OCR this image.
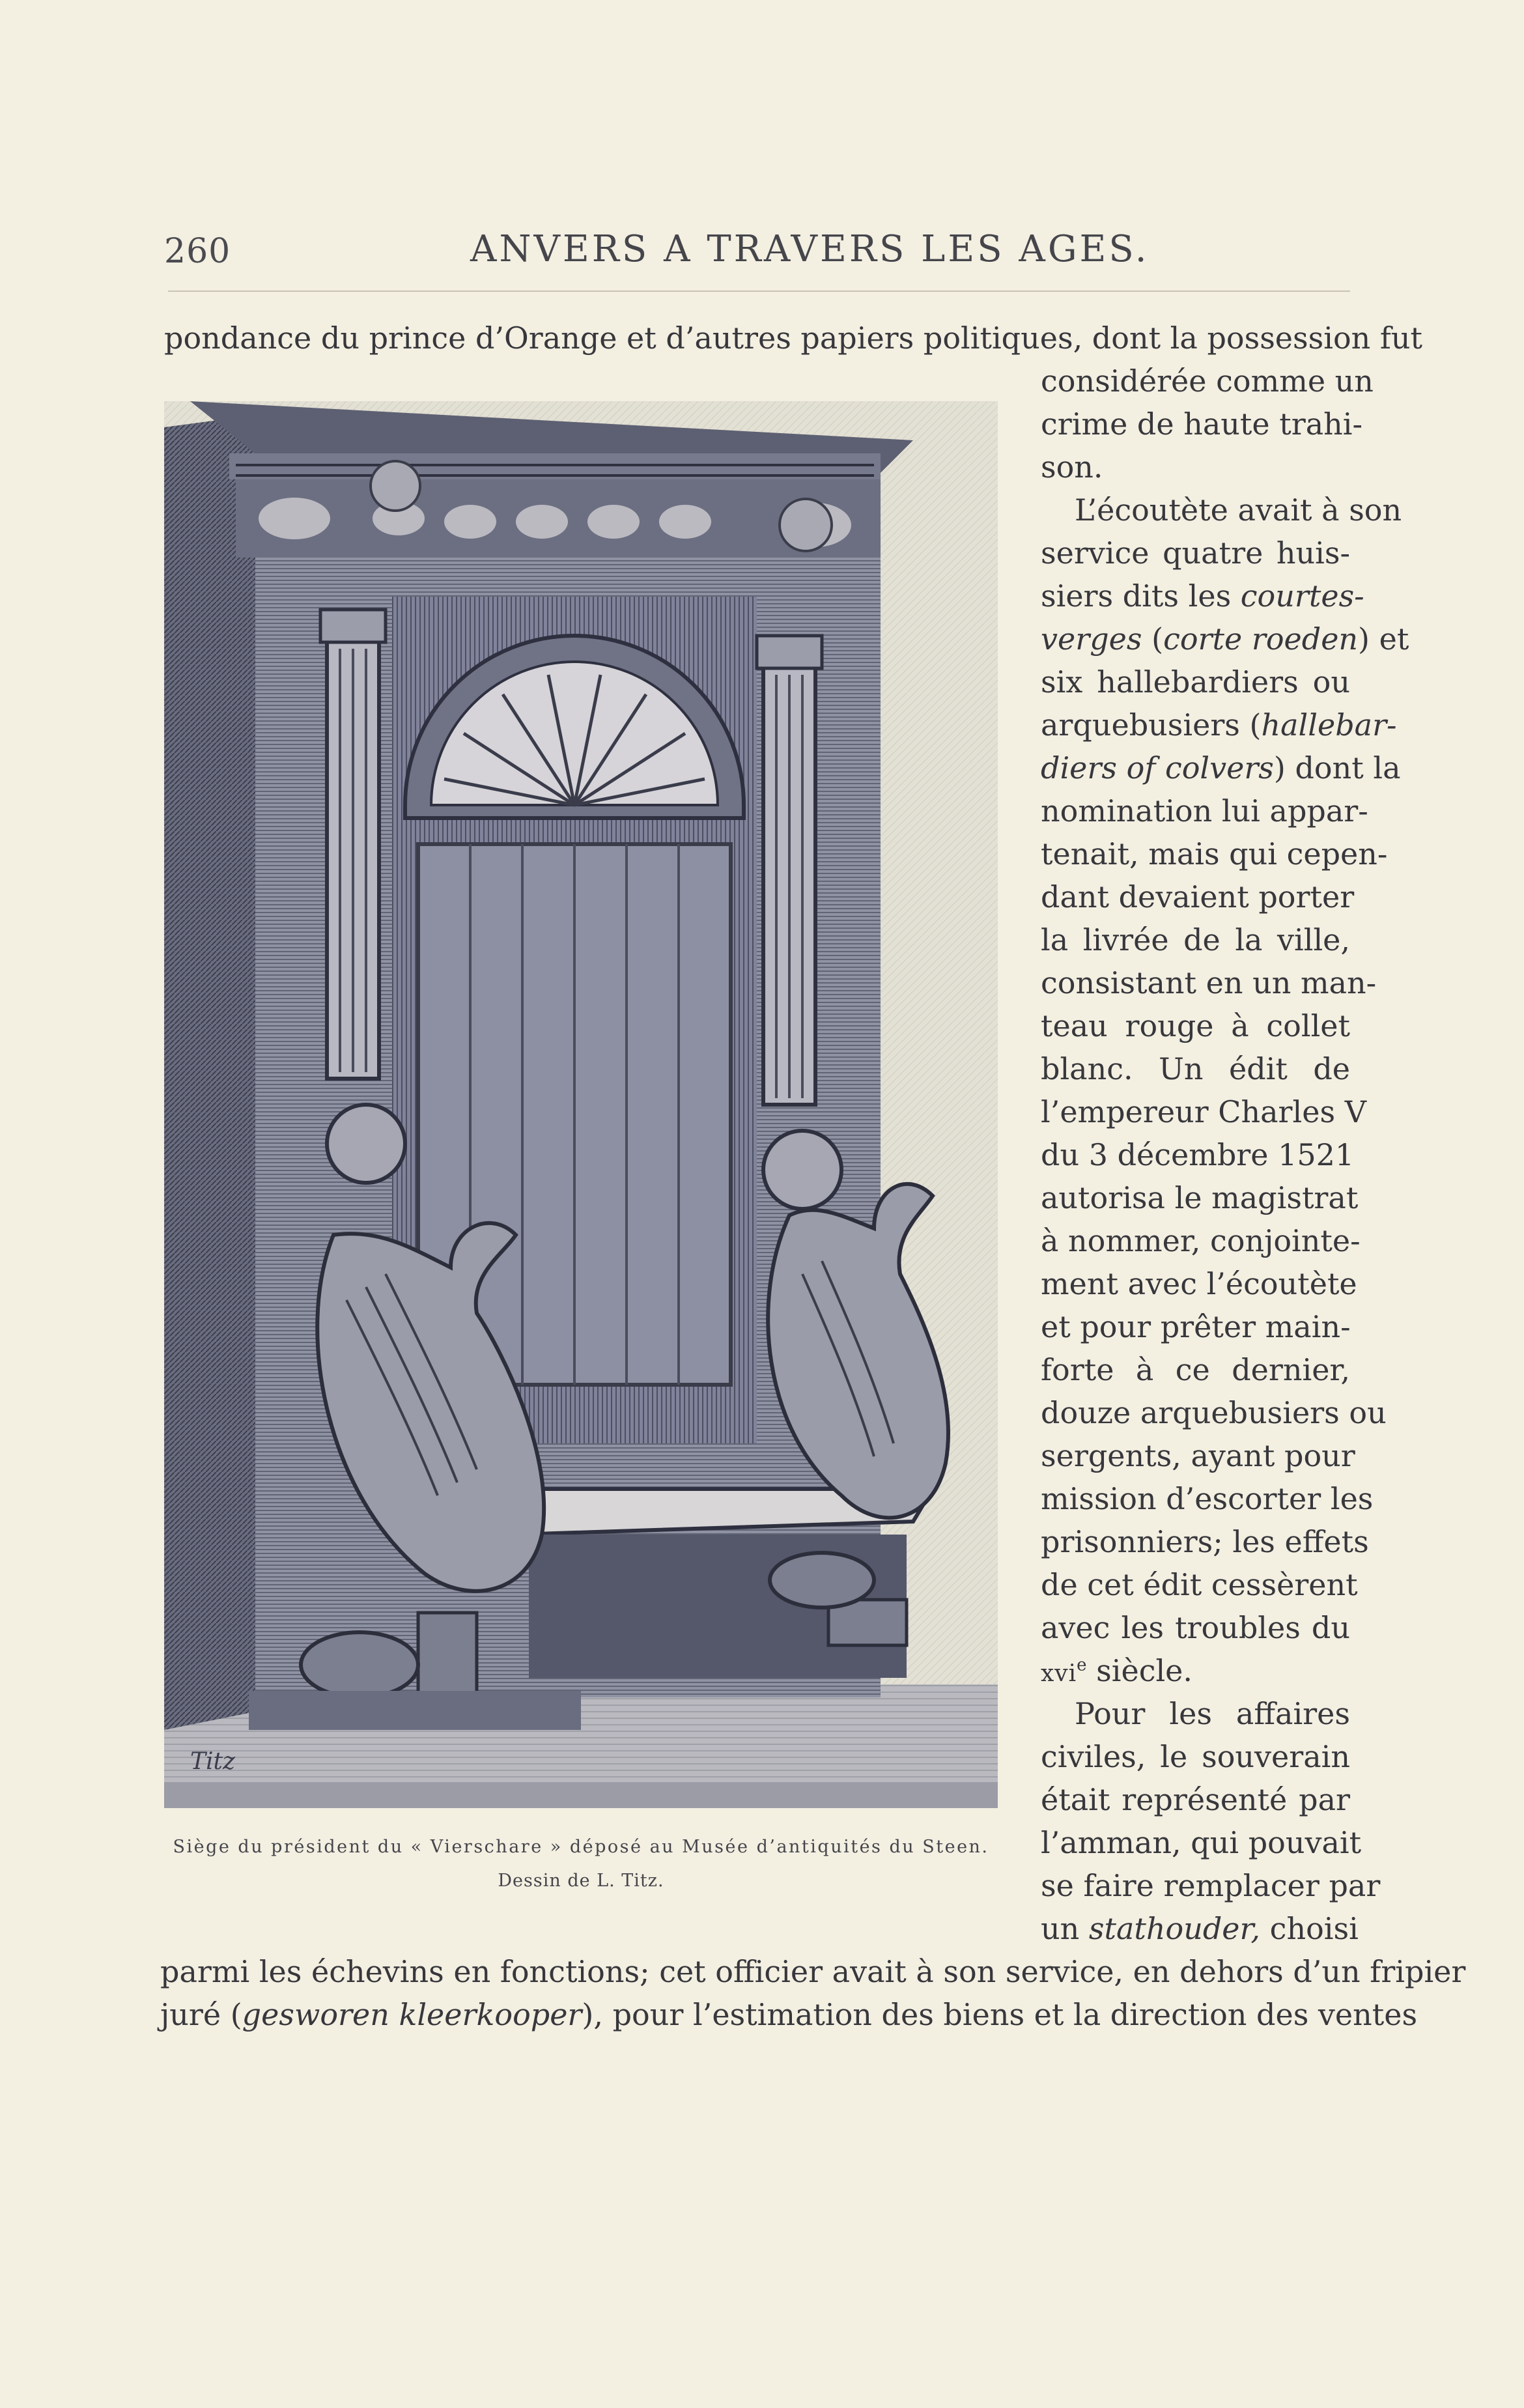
260	ANVERS A TRAVERS LES AGES.
pondance du prince d’Orange et d’autres papiers politiques, dont la possession fut
considérée comme un
crime de haute trahi-
son.
L’écoutète avait à son
service quatre huis-
siers dits les courtes-
verges (corte roeden) et
six hallebardiers ou
arquebusiers (hallebar-
diers of colvers) dont la
nomination lui appar-
tenait, mais qui cepen-
dant devaient porter
la livrée de la ville,
consistant en un man-
teau rouge à collet
blanc. Un édit de
l’empereur Charles V
du 3 décembre 1521
autorisa le magistrat
à nommer, conjointe-
ment avec l’écoutète
et pour prêter main-
forte à ce dernier,
douze arquebusiers ou
sergents, ayant pour
mission d’escorter les
prisonniers; les effets
de cet édit cessèrent
avec les troubles du
xvi$^e$ siècle.
Pour les affaires
civiles, le souverain
était représenté par
l’amman, qui pouvait
se faire remplacer par
un stathouder, choisi
parmi les échevins en fonctions; cet officier avait à son service, en dehors d’un fripier
juré (gesworen kleerkooper), pour l’estimation des biens et la direction des ventes
Titz
Siège du président du « Vierschare » déposé au Musée d’antiquités du Steen.
Dessin de L. Titz.
